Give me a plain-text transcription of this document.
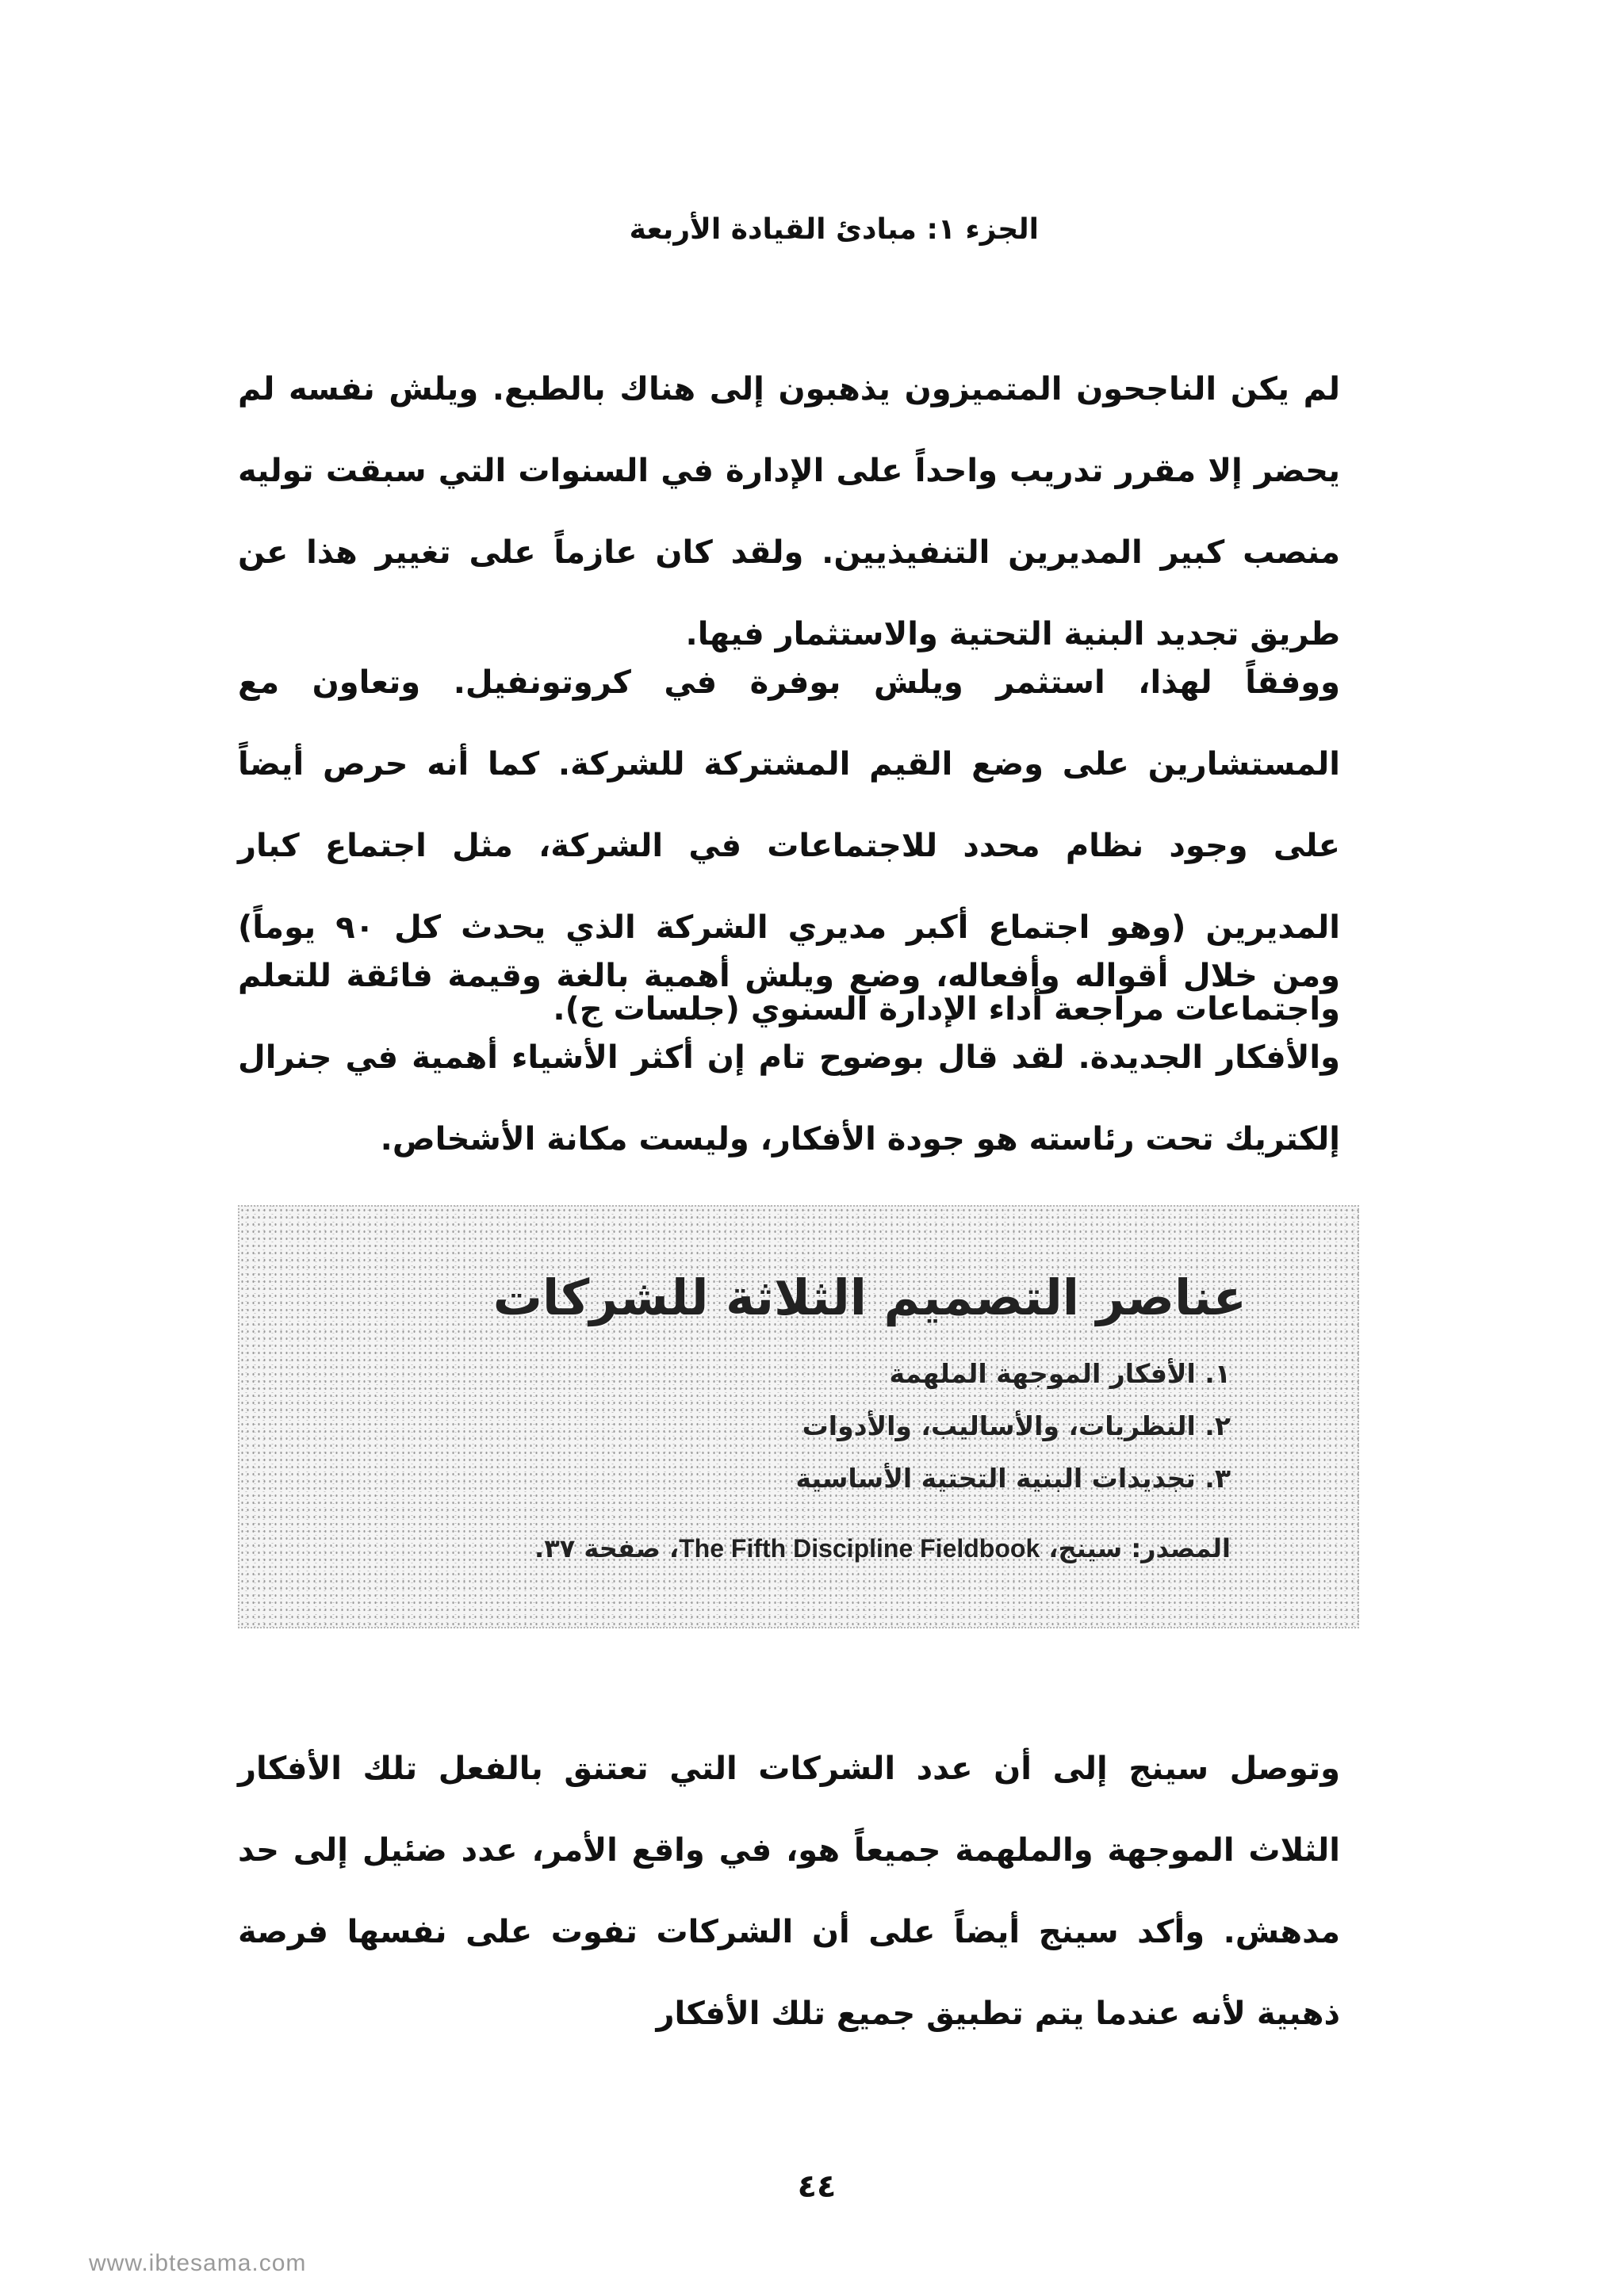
الجزء ١: مبادئ القيادة الأربعة

لم يكن الناجحون المتميزون يذهبون إلى هناك بالطبع. ويلش نفسه لم يحضر إلا مقرر تدريب واحداً على الإدارة في السنوات التي سبقت توليه منصب كبير المديرين التنفيذيين. ولقد كان عازماً على تغيير هذا عن طريق تجديد البنية التحتية والاستثمار فيها.

ووفقاً لهذا، استثمر ويلش بوفرة في كروتونفيل. وتعاون مع المستشارين على وضع القيم المشتركة للشركة. كما أنه حرص أيضاً على وجود نظام محدد للاجتماعات في الشركة، مثل اجتماع كبار المديرين (وهو اجتماع أكبر مديري الشركة الذي يحدث كل ٩٠ يوماً) واجتماعات مراجعة أداء الإدارة السنوي (جلسات ج).

ومن خلال أقواله وأفعاله، وضع ويلش أهمية بالغة وقيمة فائقة للتعلم والأفكار الجديدة. لقد قال بوضوح تام إن أكثر الأشياء أهمية في جنرال إلكتريك تحت رئاسته هو جودة الأفكار، وليست مكانة الأشخاص.

عناصر التصميم الثلاثة للشركات
١. الأفكار الموجهة الملهمة
٢. النظريات، والأساليب، والأدوات
٣. تجديدات البنية التحتية الأساسية
المصدر: سينج، The Fifth Discipline Fieldbook، صفحة ٣٧.

وتوصل سينج إلى أن عدد الشركات التي تعتنق بالفعل تلك الأفكار الثلاث الموجهة والملهمة جميعاً هو، في واقع الأمر، عدد ضئيل إلى حد مدهش. وأكد سينج أيضاً على أن الشركات تفوت على نفسها فرصة ذهبية لأنه عندما يتم تطبيق جميع تلك الأفكار

٤٤
www.ibtesama.com
